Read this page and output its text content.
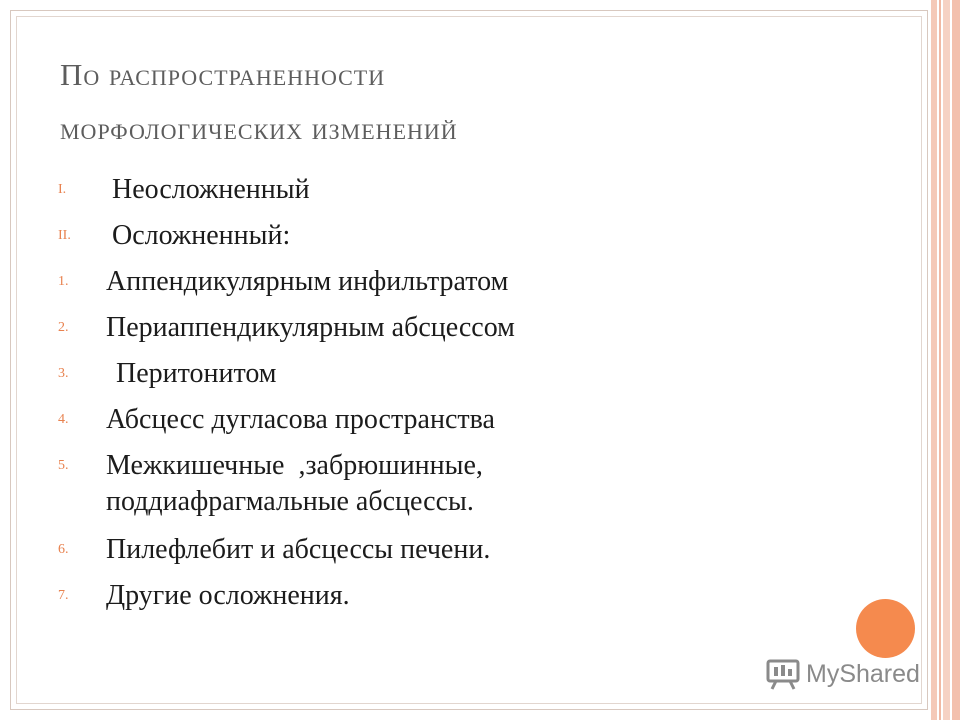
По распространенности
морфологических изменений
I.	Неосложненный
II.	Осложненный:
1.	Аппендикулярным инфильтратом
2.	Периаппендикулярным абсцессом
3.	Перитонитом
4.	Абсцесс дугласова пространства
5.	Межкишечные  ,забрюшинные,
поддиафрагмальные абсцессы.
6.	Пилефлебит и абсцессы печени.
7.	Другие осложнения.
MyShared
